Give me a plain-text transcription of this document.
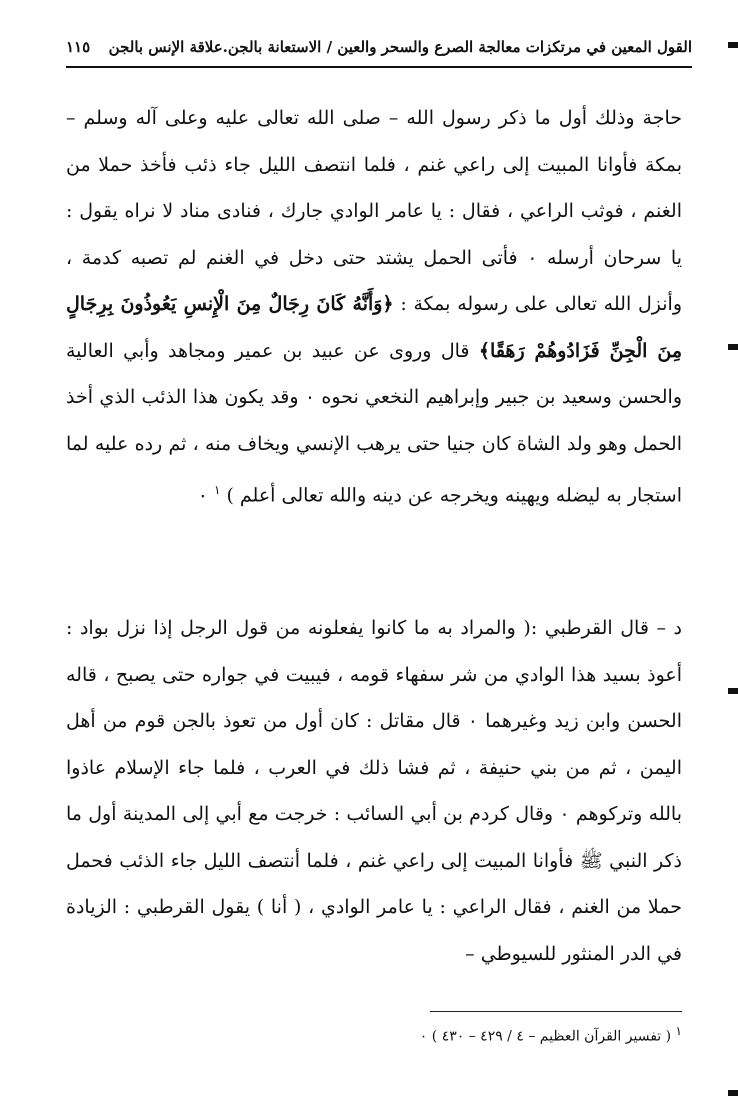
القول المعين في مرتكزات معالجة الصرع والسحر والعين / الاستعانة بالجن.علاقة الإنس بالجن
١١٥

حاجة وذلك أول ما ذكر رسول الله – صلى الله تعالى عليه وعلى آله وسلم – بمكة فأوانا المبيت إلى راعي غنم ، فلما انتصف الليل جاء ذئب فأخذ حملا من الغنم ، فوثب الراعي ، فقال : يا عامر الوادي جارك ، فنادى مناد لا نراه يقول : يا سرحان أرسله ٠ فأتى الحمل يشتد حتى دخل في الغنم لم تصبه كدمة ، وأنزل الله تعالى على رسوله بمكة : ﴿وَأَنَّهُ كَانَ رِجَالٌ مِنَ الْإِنسِ يَعُوذُونَ بِرِجَالٍ مِنَ الْجِنِّ فَزَادُوهُمْ رَهَقًا﴾ قال وروى عن عبيد بن عمير ومجاهد وأبي العالية والحسن وسعيد بن جبير وإبراهيم النخعي نحوه ٠ وقد يكون هذا الذئب الذي أخذ الحمل وهو ولد الشاة كان جنيا حتى يرهب الإنسي ويخاف منه ، ثم رده عليه لما استجار به ليضله ويهينه ويخرجه عن دينه والله تعالى أعلم ) $^١$ ٠

د – قال القرطبي :( والمراد به ما كانوا يفعلونه من قول الرجل إذا نزل بواد : أعوذ بسيد هذا الوادي من شر سفهاء قومه ، فيبيت في جواره حتى يصبح ، قاله الحسن وابن زيد وغيرهما ٠ قال مقاتل : كان أول من تعوذ بالجن قوم من أهل اليمن ، ثم من بني حنيفة ، ثم فشا ذلك في العرب ، فلما جاء الإسلام عاذوا بالله وتركوهم ٠ وقال كردم بن أبي السائب : خرجت مع أبي إلى المدينة أول ما ذكر النبي ﷺ فأوانا المبيت إلى راعي غنم ، فلما أنتصف الليل جاء الذئب فحمل حملا من الغنم ، فقال الراعي : يا عامر الوادي ، ( أنا ) يقول القرطبي : الزيادة في الدر المنثور للسيوطي –

١ ( تفسير القرآن العظيم – ٤ / ٤٢٩ – ٤٣٠ ) ٠
